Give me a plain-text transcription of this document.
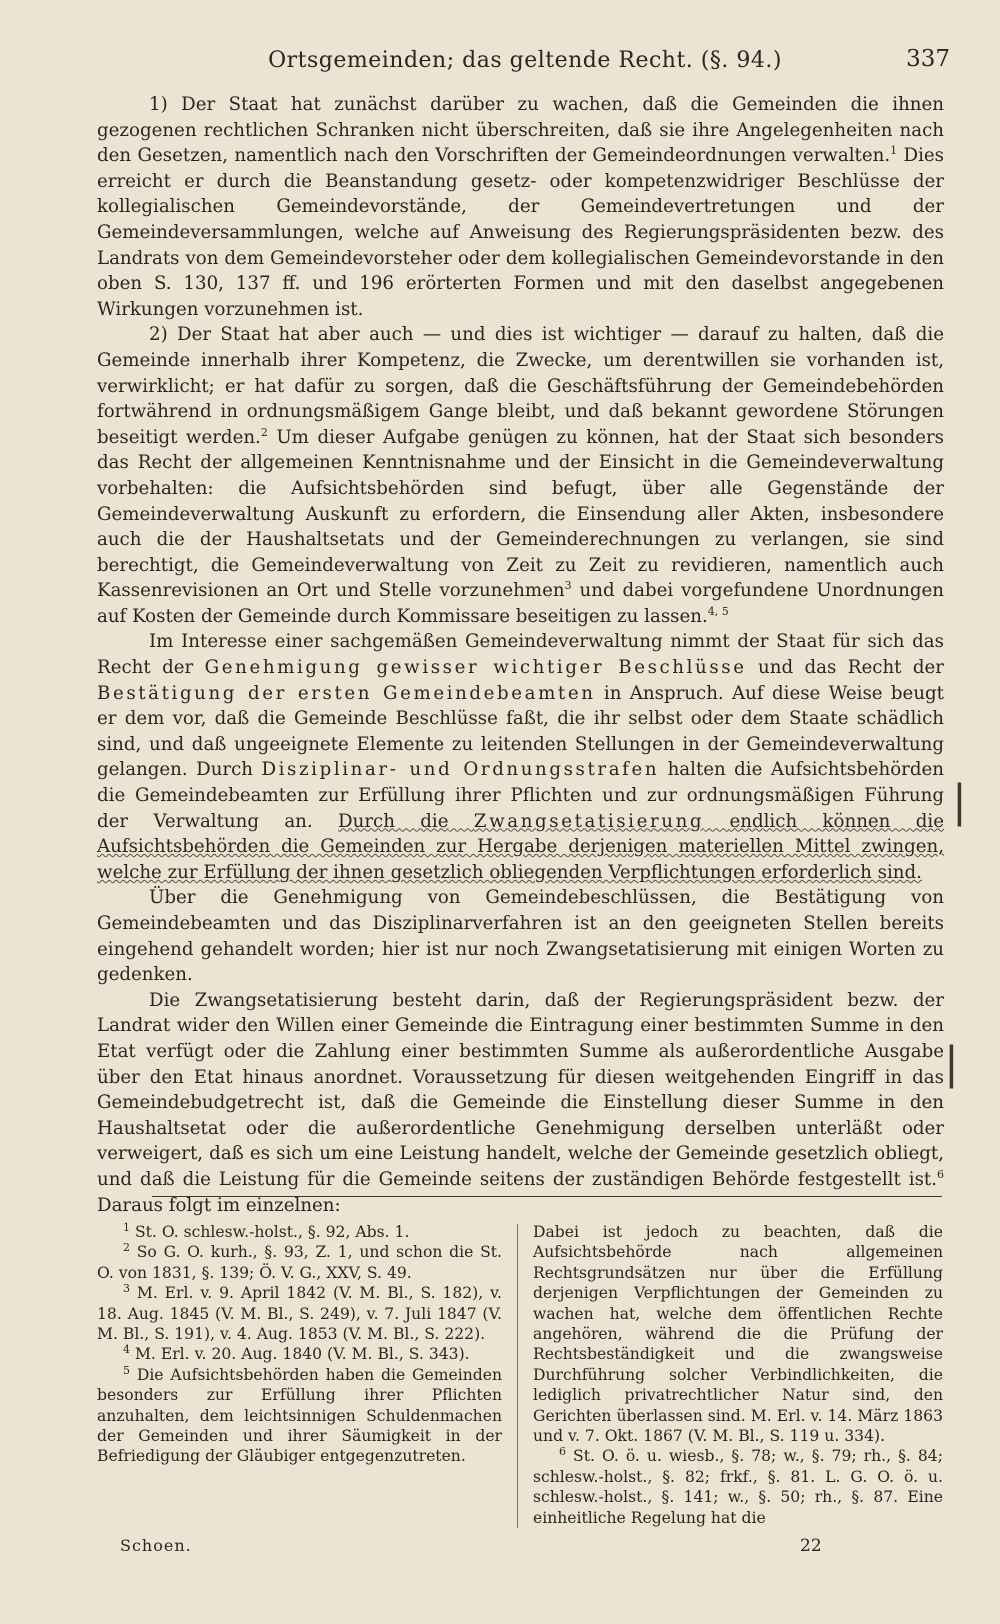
Ortsgemeinden; das geltende Recht. (§. 94.)	337

1) Der Staat hat zunächst darüber zu wachen, daß die Gemeinden die ihnen gezogenen rechtlichen Schranken nicht überschreiten, daß sie ihre Angelegenheiten nach den Gesetzen, namentlich nach den Vorschriften der Gemeindeordnungen verwalten.$^1$ Dies erreicht er durch die Beanstandung gesetz- oder kompetenzwidriger Beschlüsse der kollegialischen Gemeindevorstände, der Gemeindevertretungen und der Gemeindeversammlungen, welche auf Anweisung des Regierungspräsidenten bezw. des Landrats von dem Gemeindevorsteher oder dem kollegialischen Gemeindevorstande in den oben S. 130, 137 ff. und 196 erörterten Formen und mit den daselbst angegebenen Wirkungen vorzunehmen ist.

2) Der Staat hat aber auch — und dies ist wichtiger — darauf zu halten, daß die Gemeinde innerhalb ihrer Kompetenz, die Zwecke, um derentwillen sie vorhanden ist, verwirklicht; er hat dafür zu sorgen, daß die Geschäftsführung der Gemeindebehörden fortwährend in ordnungsmäßigem Gange bleibt, und daß bekannt gewordene Störungen beseitigt werden.$^2$ Um dieser Aufgabe genügen zu können, hat der Staat sich besonders das Recht der allgemeinen Kenntnisnahme und der Einsicht in die Gemeindeverwaltung vorbehalten: die Aufsichtsbehörden sind befugt, über alle Gegenstände der Gemeindeverwaltung Auskunft zu erfordern, die Einsendung aller Akten, insbesondere auch die der Haushaltsetats und der Gemeinderechnungen zu verlangen, sie sind berechtigt, die Gemeindeverwaltung von Zeit zu Zeit zu revidieren, namentlich auch Kassenrevisionen an Ort und Stelle vorzunehmen$^3$ und dabei vorgefundene Unordnungen auf Kosten der Gemeinde durch Kommissare beseitigen zu lassen.$^{4, 5}$

Im Interesse einer sachgemäßen Gemeindeverwaltung nimmt der Staat für sich das Recht der Genehmigung gewisser wichtiger Beschlüsse und das Recht der Bestätigung der ersten Gemeindebeamten in Anspruch. Auf diese Weise beugt er dem vor, daß die Gemeinde Beschlüsse faßt, die ihr selbst oder dem Staate schädlich sind, und daß ungeeignete Elemente zu leitenden Stellungen in der Gemeindeverwaltung gelangen. Durch Disziplinar- und Ordnungsstrafen halten die Aufsichtsbehörden die Gemeindebeamten zur Erfüllung ihrer Pflichten und zur ordnungsmäßigen Führung der Verwaltung an. Durch die Zwangsetatisierung endlich können die Aufsichtsbehörden die Gemeinden zur Hergabe derjenigen materiellen Mittel zwingen, welche zur Erfüllung der ihnen gesetzlich obliegenden Verpflichtungen erforderlich sind.

Über die Genehmigung von Gemeindebeschlüssen, die Bestätigung von Gemeindebeamten und das Disziplinarverfahren ist an den geeigneten Stellen bereits eingehend gehandelt worden; hier ist nur noch Zwangsetatisierung mit einigen Worten zu gedenken.

Die Zwangsetatisierung besteht darin, daß der Regierungspräsident bezw. der Landrat wider den Willen einer Gemeinde die Eintragung einer bestimmten Summe in den Etat verfügt oder die Zahlung einer bestimmten Summe als außerordentliche Ausgabe über den Etat hinaus anordnet. Voraussetzung für diesen weitgehenden Eingriff in das Gemeindebudgetrecht ist, daß die Gemeinde die Einstellung dieser Summe in den Haushaltsetat oder die außerordentliche Genehmigung derselben unterläßt oder verweigert, daß es sich um eine Leistung handelt, welche der Gemeinde gesetzlich obliegt, und daß die Leistung für die Gemeinde seitens der zuständigen Behörde festgestellt ist.$^6$ Daraus folgt im einzelnen:

|
|

$^1$ St. O. schlesw.-holst., §. 92, Abs. 1.

$^2$ So G. O. kurh., §. 93, Z. 1, und schon die St. O. von 1831, §. 139; Ö. V. G., XXV, S. 49.

$^3$ M. Erl. v. 9. April 1842 (V. M. Bl., S. 182), v. 18. Aug. 1845 (V. M. Bl., S. 249), v. 7. Juli 1847 (V. M. Bl., S. 191), v. 4. Aug. 1853 (V. M. Bl., S. 222).

$^4$ M. Erl. v. 20. Aug. 1840 (V. M. Bl., S. 343).

$^5$ Die Aufsichtsbehörden haben die Gemeinden besonders zur Erfüllung ihrer Pflichten anzuhalten, dem leichtsinnigen Schuldenmachen der Gemeinden und ihrer Säumigkeit in der Befriedigung der Gläubiger entgegenzutreten.

Dabei ist jedoch zu beachten, daß die Aufsichtsbehörde nach allgemeinen Rechtsgrundsätzen nur über die Erfüllung derjenigen Verpflichtungen der Gemeinden zu wachen hat, welche dem öffentlichen Rechte angehören, während die die Prüfung der Rechtsbeständigkeit und die zwangsweise Durchführung solcher Verbindlichkeiten, die lediglich privatrechtlicher Natur sind, den Gerichten überlassen sind. M. Erl. v. 14. März 1863 und v. 7. Okt. 1867 (V. M. Bl., S. 119 u. 334).

$^6$ St. O. ö. u. wiesb., §. 78; w., §. 79; rh., §. 84; schlesw.-holst., §. 82; frkf., §. 81. L. G. O. ö. u. schlesw.-holst., §. 141; w., §. 50; rh., §. 87. Eine einheitliche Regelung hat die

Schoen.	22
